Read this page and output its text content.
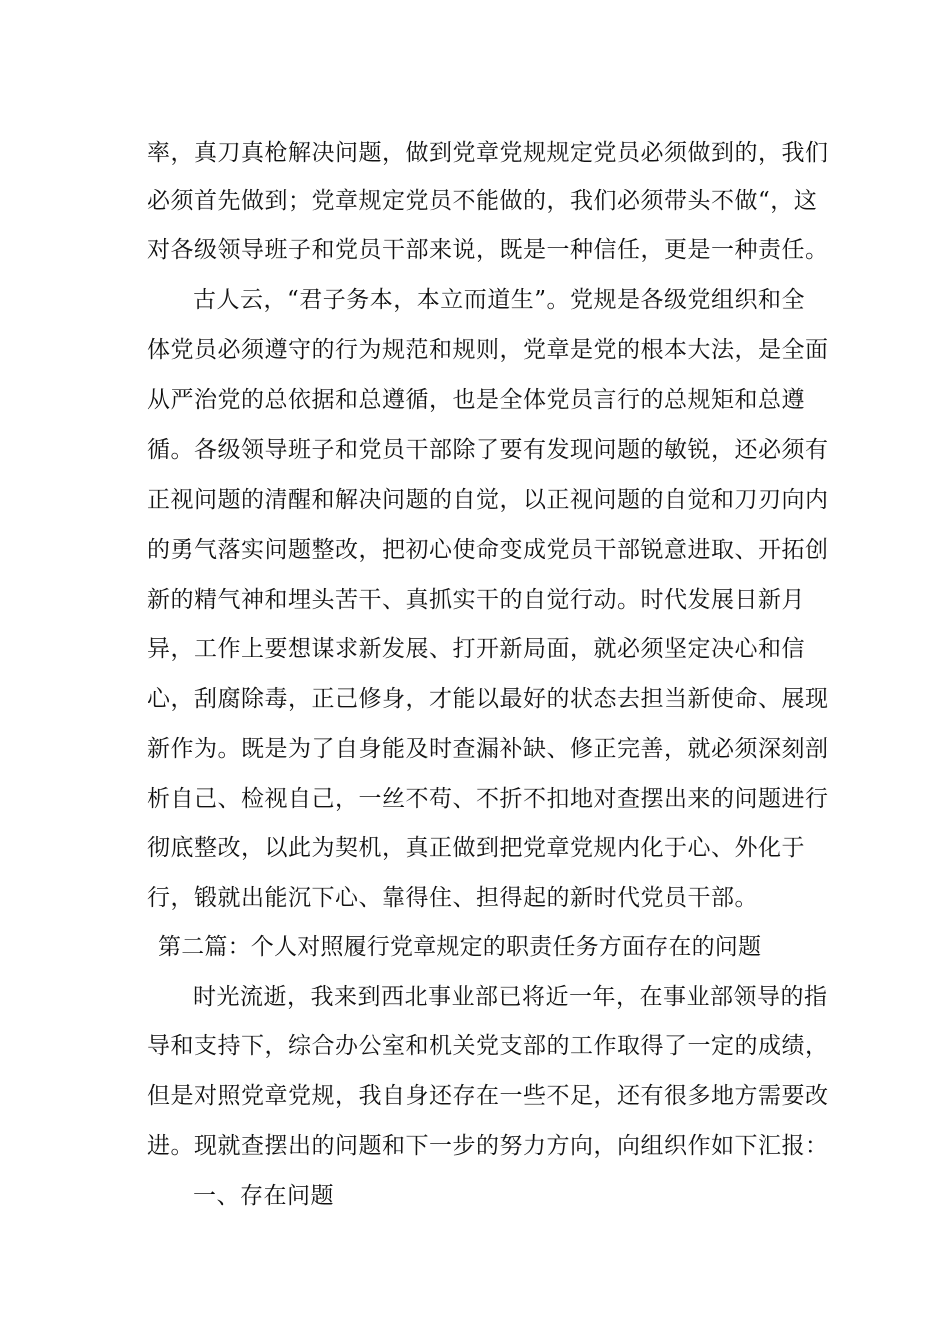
率，真刀真枪解决问题，做到党章党规规定党员必须做到的，我们
必须首先做到；党章规定党员不能做的，我们必须带头不做“，这
对各级领导班子和党员干部来说，既是一种信任，更是一种责任。
古人云，“君子务本，本立而道生”。党规是各级党组织和全
体党员必须遵守的行为规范和规则，党章是党的根本大法，是全面
从严治党的总依据和总遵循，也是全体党员言行的总规矩和总遵
循。各级领导班子和党员干部除了要有发现问题的敏锐，还必须有
正视问题的清醒和解决问题的自觉，以正视问题的自觉和刀刃向内
的勇气落实问题整改，把初心使命变成党员干部锐意进取、开拓创
新的精气神和埋头苦干、真抓实干的自觉行动。时代发展日新月
异，工作上要想谋求新发展、打开新局面，就必须坚定决心和信
心，刮腐除毒，正己修身，才能以最好的状态去担当新使命、展现
新作为。既是为了自身能及时查漏补缺、修正完善，就必须深刻剖
析自己、检视自己，一丝不苟、不折不扣地对查摆出来的问题进行
彻底整改，以此为契机，真正做到把党章党规内化于心、外化于
行，锻就出能沉下心、靠得住、担得起的新时代党员干部。
第二篇：个人对照履行党章规定的职责任务方面存在的问题
时光流逝，我来到西北事业部已将近一年，在事业部领导的指
导和支持下，综合办公室和机关党支部的工作取得了一定的成绩，
但是对照党章党规，我自身还存在一些不足，还有很多地方需要改
进。现就查摆出的问题和下一步的努力方向，向组织作如下汇报：
一、存在问题
